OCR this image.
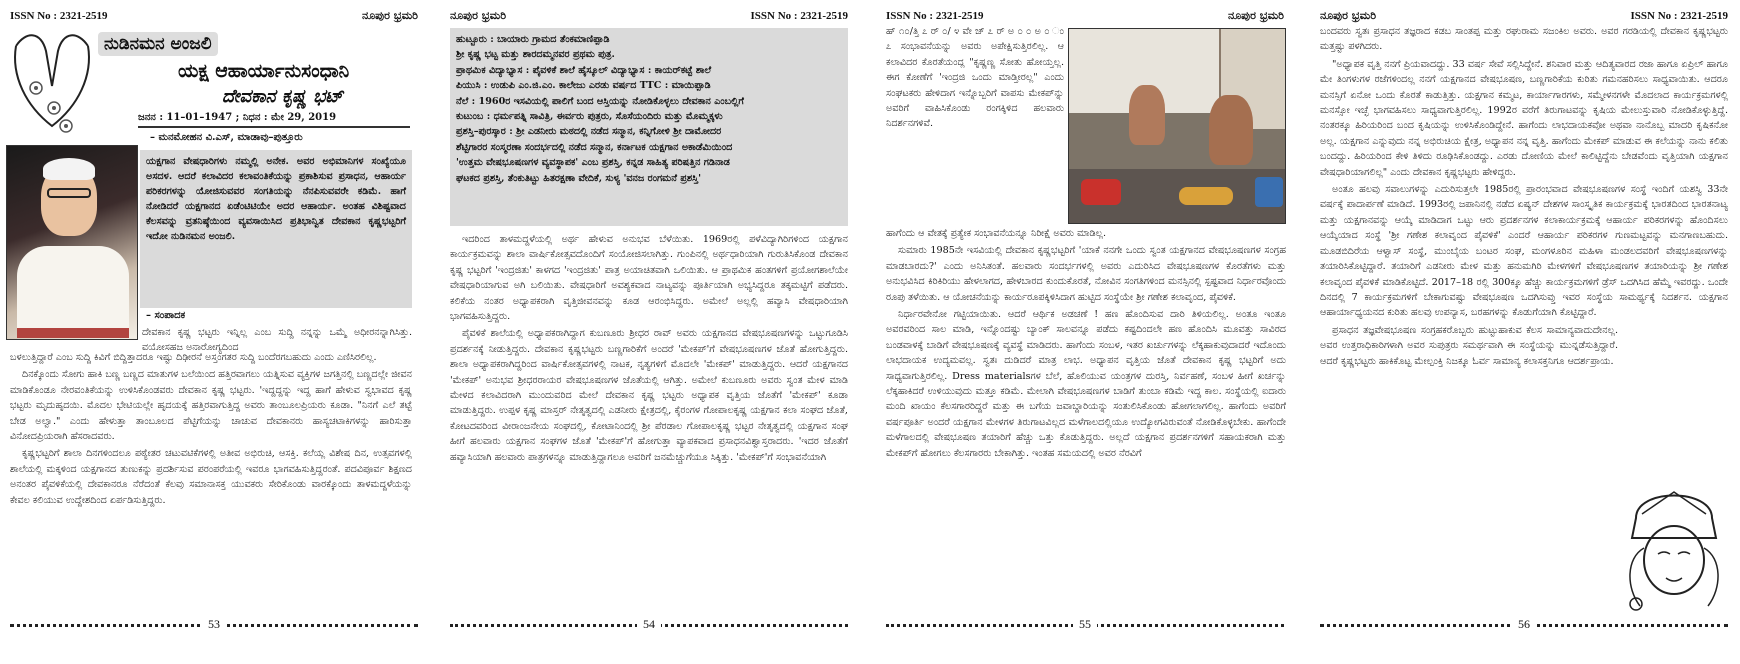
ISSN No : 2321-2519	ನೂಪುರ ಭ್ರಮರಿ
ನುಡಿನಮನ ಅಂಜಲಿ
ಯಕ್ಷ ಆಹಾರ್ಯಾನುಸಂಧಾನಿ
ದೇವಕಾನ ಕೃಷ್ಣ ಭಟ್
ಜನನ : 11–01–1947 ; ನಿಧನ : ಮೇ 29, 2019
– ಮನಮೋಹನ ವಿ.ಎಸ್, ಮಾಡಾವು–ಪುತ್ತೂರು
ಯಕ್ಷಗಾನ ವೇಷಧಾರಿಗಳು ನಮ್ಮಲ್ಲಿ ಅನೇಕ. ಅವರ ಅಭಿಮಾನಿಗಳ ಸಂಖ್ಯೆಯೂ ಅಸದಳ. ಆದರೆ ಕಲಾವಿದರ ಕಲಾವಂತಿಕೆಯನ್ನು ಪ್ರಕಾಶಿಸುವ ಪ್ರಸಾಧನ, ಆಹಾರ್ಯ ಪರಿಕರಗಳನ್ನು ಯೋಜಿಸುವವರ ಸಂಗತಿಯನ್ನು ನೆನಪಿಸುವವರೇ ಕಡಿಮೆ. ಹಾಗೆ ನೋಡಿದರೆ ಯಕ್ಷಗಾನದ ಏಡೆಂಟಿಟಿಯೇ ಅದರ ಆಹಾರ್ಯ. ಅಂತಹ ವಿಶಿಷ್ಟವಾದ ಕೆಲಸವನ್ನು ವ್ರತನಿಷ್ಠೆಯಿಂದ ವ್ಯವಸಾಯಿಸಿದ ಪ್ರತಿಭಾನ್ವಿತ ದೇವಕಾನ ಕೃಷ್ಣಭಟ್ಟರಿಗೆ ಇದೋ ನುಡಿನಮನ ಅಂಜಲಿ.
– ಸಂಪಾದಕ

ದೇವಕಾನ ಕೃಷ್ಣ ಭಟ್ಟರು ಇನ್ನಿಲ್ಲ ಎಂಬ ಸುದ್ದಿ ನನ್ನನ್ನು ಒಮ್ಮೆ ಅಧೀರನನ್ನಾಗಿಸಿತ್ತು. ವಯೋಸಹಜ ಅನಾರೋಗ್ಯದಿಂದ

ಬಳಲುತ್ತಿದ್ದಾರೆ ಎಂಬ ಸುದ್ದಿ ಕಿವಿಗೆ ಬಿದ್ದಿತ್ತಾದರೂ ಇಷ್ಟು ದಿಢೀರನೆ ಅಸ್ತಂಗತರ ಸುದ್ದಿ ಬಂದೆರಗಬಹುದು ಎಂದು ಎಣಿಸಿರಲಿಲ್ಲ.

ದಿನಕ್ಕೊಂದು ಸೋಗು ಹಾಕಿ ಬಣ್ಣ ಬಣ್ಣದ ಮಾತುಗಳ ಬಲೆಯಿಂದ ಹತ್ತಿರವಾಗಲು ಯತ್ನಿಸುವ ವ್ಯಕ್ತಿಗಳ ಜಗತ್ತಿನಲ್ಲಿ ಬಣ್ಣದಲ್ಲೇ ಜೀವನ ಮಾಡಿಕೊಂಡೂ ನೇರವಂತಿಕೆಯನ್ನು ಉಳಿಸಿಕೊಂಡವರು ದೇವಕಾನ ಕೃಷ್ಣ ಭಟ್ಟರು. 'ಇದ್ದದ್ದನ್ನು ಇದ್ದ ಹಾಗೆ ಹೇಳುವ ಸ್ವಭಾವದ ಕೃಷ್ಣ ಭಟ್ಟರು ಮೃದುಹೃದಯಿ. ಮೊದಲ ಭೇಟಿಯಲ್ಲೇ ಹೃದಯಕ್ಕೆ ಹತ್ತಿರವಾಗುತ್ತಿದ್ದ ಅವರು ತಾಂಬೂಲಪ್ರಿಯರು ಕೂಡಾ. "ನಿನಗೆ ಎಲೆ ತಟ್ಟೆ ಬೇಡ ಅಲ್ವಾ." ಎಂದು ಹೇಳುತ್ತಾ ತಾಂಬೂಲದ ಪೆಟ್ಟಿಗೆಯನ್ನು ಚಾಚುವ ದೇವಕಾನರು ಹಾಸ್ಯಚಟಾಕಿಗಳನ್ನು ಹಾರಿಸುತ್ತಾ ವಿನೋದಪ್ರಿಯರಾಗಿ ಹೆಸರಾದವರು.

ಕೃಷ್ಣಭಟ್ಟರಿಗೆ ಶಾಲಾ ದಿನಗಳಿಂದಲೂ ಪಠ್ಯೇತರ ಚಟುವಟಿಕೆಗಳಲ್ಲಿ ಅತೀವ ಅಭಿರುಚಿ, ಆಸಕ್ತಿ. ಕಲೆಯ್ಲ ವಿಶೇಷ ದಿನ, ಉತ್ಸವಗಳಲ್ಲಿ ಶಾಲೆಯಲ್ಲಿ ಮಕ್ಕಳಿಂದ ಯಕ್ಷಗಾನದ ತುಣುಕನ್ನು ಪ್ರದರ್ಶಿಸುವ ಪರಂಪರೆಯಲ್ಲಿ ಇವರೂ ಭಾಗವಹಿಸುತ್ತಿದ್ದರಂತೆ. ಪದವಿಪೂರ್ವ ಶಿಕ್ಷಣದ ಅನಂತರ ಪೈವಳಿಕೆಯಲ್ಲಿ ದೇವಕಾನರೂ ನೆರೆದಂತೆ ಕೆಲವು ಸಮಾನಾಸಕ್ತ ಯುವಕರು ಸೇರಿಕೊಂಡು ವಾರಕ್ಕೊಂದು ತಾಳಮದ್ದಳೆಯನ್ನು ಕೇವಲ ಕಲಿಯುವ ಉದ್ದೇಶದಿಂದ ಏರ್ಪಡಿಸುತ್ತಿದ್ದರು.

53
ನೂಪುರ ಭ್ರಮರಿ	ISSN No : 2321-2519
ಹುಟ್ಟೂರು : ಬಾಯಾರು ಗ್ರಾಮದ ತೆಂಕಮಾಣಿಪ್ಪಾಡಿ
ಶ್ರೀ ಕೃಷ್ಣ ಭಟ್ಟ ಮತ್ತು ಶಾರದಮ್ಮನವರ ಪ್ರಥಮ ಪುತ್ರ.
ಪ್ರಾಥಮಿಕ ವಿದ್ಯಾಭ್ಯಾಸ : ಪೈವಳಿಕೆ ಶಾಲೆ ಹೈಸ್ಕೂಲ್ ವಿದ್ಯಾಭ್ಯಾಸ : ಕಾಯರ್‌ಕಟ್ಟೆ ಶಾಲೆ
ಪಿಯುಸಿ : ಉಡುಪಿ ಎಂ.ಜಿ.ಎಂ. ಕಾಲೇಜು ಎರಡು ವರ್ಷದ TTC : ಮಾಯಿಪ್ಪಾಡಿ
ನೆಲೆ : 1960ರ ಇಸವಿಯಲ್ಲಿ ಪಾಲಿಗೆ ಬಂದ ಆಸ್ತಿಯನ್ನು ನೋಡಿಕೊಳ್ಳಲು ದೇವಕಾನ ಎಂಬಲ್ಲಿಗೆ
ಕುಟುಂಬ : ಧರ್ಮಪತ್ನಿ ಸಾವಿತ್ರಿ, ಈರ್ವರು ಪುತ್ರರು, ಸೊಸೆಯಂದಿರು ಮತ್ತು ಮೊಮ್ಮಕ್ಕಳು
ಪ್ರಶಸ್ತಿ–ಪುರಸ್ಕಾರ : ಶ್ರೀ ಎಡನೀರು ಮಠದಲ್ಲಿ ನಡೆದ ಸನ್ಮಾನ, ಕನ್ನಿಗೋಳಿ ಶ್ರೀ ದಾಮೋದರ
ಶೆಟ್ಟಿಗಾರರ ಸಂಸ್ಮರಣಾ ಸಂದರ್ಭದಲ್ಲಿ ನಡೆದ ಸನ್ಮಾನ, ಕರ್ನಾಟಕ ಯಕ್ಷಗಾನ ಅಕಾಡೆಮಿಯಿಂದ
'ಉತ್ತಮ ವೇಷಭೂಷಣಗಳ ವ್ಯವಸ್ಥಾಪಕ' ಎಂಬ ಪ್ರಶಸ್ತಿ, ಕನ್ನಡ ಸಾಹಿತ್ಯ ಪರಿಷತ್ತಿನ ಗಡಿನಾಡ
ಘಟಕದ ಪ್ರಶಸ್ತಿ, ತೆಂಕುತಿಟ್ಟು ಹಿತರಕ್ಷಣಾ ವೇದಿಕೆ, ಸುಳ್ಯ 'ವನಜ ರಂಗಮನೆ ಪ್ರಶಸ್ತಿ'

ಇದರಿಂದ ತಾಳಮದ್ದಳೆಯಲ್ಲಿ ಅರ್ಥ ಹೇಳುವ ಅನುಭವ ಬೆಳೆಯಿತು. 1969ರಲ್ಲಿ ಪಳೆವಿದ್ಯಾಗಿರಿಗಳಿಂದ ಯಕ್ಷಗಾನ ಕಾರ್ಯಕ್ರಮವನ್ನು ಶಾಲಾ ವಾರ್ಷಿಕೋತ್ಸವದೊಂದಿಗೆ ಸಂಯೋಜಿಸಲಾಗಿತ್ತು. ಗುಂಪಿನಲ್ಲಿ ಅರ್ಥಧಾರಿಯಾಗಿ ಗುರುತಿಸಿಕೊಂಡ ದೇವಕಾನ ಕೃಷ್ಣ ಭಟ್ಟರಿಗೆ 'ಇಂದ್ರಜಿತು' ಕಾಳಗದ 'ಇಂದ್ರಜಿತು' ಪಾತ್ರ ಅಯಾಚಿತವಾಗಿ ಒಲಿಯಿತು. ಆ ಪ್ರಾಥಮಿಕ ಹಂತಗಳಿಗೆ ಪ್ರಯೋಗಶಾಲೆಯೇ ವೇಷಧಾರಿಯಾಗುವ ಅಗಿ ಬಲಿಯಿತು. ವೇಷಧಾರಿಗೆ ಅವಶ್ಯಕವಾದ ನಾಟ್ಯವನ್ನು ಪೂರ್ತಿಯಾಗಿ ಅಭ್ಯಸಿದ್ದರೂ ತಕ್ಕಮಟ್ಟಿಗೆ ಪಡೆದರು. ಕಲಿಕೆಯ ನಂತರ ಅಧ್ಯಾಪಕರಾಗಿ ವೃತ್ತಿಜೀವನವನ್ನು ಕೂಡ ಆರಂಭಿಸಿದ್ದರು. ಅಮೇಲೆ ಅಲ್ಲಲ್ಲಿ ಹವ್ಯಾಸಿ ವೇಷಧಾರಿಯಾಗಿ ಭಾಗವಹಿಸುತ್ತಿದ್ದರು.

ಪೈವಳಿಕೆ ಶಾಲೆಯಲ್ಲಿ ಅಧ್ಯಾಪಕರಾಗಿದ್ದಾಗ ಕುಬಣೂರು ಶ್ರೀಧರ ರಾವ್ ಅವರು ಯಕ್ಷಗಾನದ ವೇಷಭೂಷಣಗಳನ್ನು ಒಟ್ಟುಗೂಡಿಸಿ ಪ್ರದರ್ಶನಕ್ಕೆ ನೀಡುತ್ತಿದ್ದರು. ದೇವಕಾನ ಕೃಷ್ಣಭಟ್ಟರು ಬಣ್ಣಗಾರಿಕೆಗೆ ಅಂದರೆ 'ಮೇಕಪ್'ಗೆ ವೇಷಭೂಷಣಗಳ ಜೊತೆ ಹೋಗುತ್ತಿದ್ದರು. ಶಾಲಾ ಅಧ್ಯಾಪಕರಾಗಿದ್ದರಿಂದ ವಾರ್ಷಿಕೋತ್ಸವಗಳಲ್ಲಿ ನಾಟಕ, ನೃತ್ಯಗಳಿಗೆ ಮೊದಲೇ 'ಮೇಕಪ್' ಮಾಡುತ್ತಿದ್ದರು. ಆದರೆ ಯಕ್ಷಗಾನದ 'ಮೇಕಪ್' ಅನುಭವ ಶ್ರೀಧರರಾಯರ ವೇಷಭೂಷಣಗಳ ಜೊತೆಯಲ್ಲಿ ಆಗಿತ್ತು. ಅಮೇಲೆ ಕುಬಣೂರು ಅವರು ಸ್ವಂತ ಮೇಳ ಮಾಡಿ ಮೇಳದ ಕಲಾವಿದರಾಗಿ ಮುಂದುವರಿದ ಮೇಲೆ ದೇವಕಾನ ಕೃಷ್ಣ ಭಟ್ಟರು ಅಧ್ಯಾಪಕ ವೃತ್ತಿಯ ಜೊತೆಗೆ 'ಮೇಕಪ್' ಕೂಡಾ ಮಾಡುತ್ತಿದ್ದರು. ಉಪ್ಪಳ ಕೃಷ್ಣ ಮಾಸ್ತರ್ ನೇತೃತ್ವದಲ್ಲಿ ಎಡನೀರು ಕ್ಷೇತ್ರದಲ್ಲಿ, ಕೈರಂಗಳ ಗೋಪಾಲಕೃಷ್ಣ ಯಕ್ಷಗಾನ ಕಲಾ ಸಂಘದ ಜೊತೆ, ಕೋಟದವರಿಂದ ವೀರಾಂಜನೇಯ ಸಂಘದಲ್ಲಿ, ಕೋಟಾನಿಂದಲ್ಲಿ ಶ್ರೀ ಪೆರಡಾಲ ಗೋಪಾಲಕೃಷ್ಣ ಭಟ್ಟರ ನೇತೃತ್ವದಲ್ಲಿ ಯಕ್ಷಗಾನ ಸಂಘ ಹೀಗೆ ಹಲವಾರು ಯಕ್ಷಗಾನ ಸಂಘಗಳ ಜೊತೆ 'ಮೇಕಪ್'ಗೆ ಹೋಗುತ್ತಾ ವ್ಯಾಪಕವಾದ ಪ್ರಸಾಧನವಿಶ್ವಾಸ್ತರಾದರು. 'ಇದರ ಜೊತೆಗೆ ಹವ್ಯಾಸಿಯಾಗಿ ಹಲವಾರು ಪಾತ್ರಗಳನ್ನೂ ಮಾಡುತ್ತಿದ್ದಾಗಲೂ ಅವರಿಗೆ ಜನಮೆಚ್ಚುಗೆಯೂ ಸಿಕ್ಕಿತ್ತು. 'ಮೇಕಪ್'ಗೆ ಸಂಭಾವನೆಯಾಗಿ

54
ISSN No : 2321-2519	ನೂಪುರ ಭ್ರಮರಿ

ಹ್ ೧೦/ತ್ತಿ ೭ ರ್ ೦/ ೪ ವೇ ಜ್ ೭ ರ್ ಅ ೦ ೦ ಅ ೦ ಂ ೭ ಸಂಭಾವನೆಯನ್ನು ಅವರು ಅಪೇಕ್ಷಿಸುತ್ತಿರಲಿಲ್ಲ. ಆ ಕಲಾವಿದರ ಕೊರತೆಯಂದ್ಲ "ಕೃಷ್ಣಣ್ಣ ಸೋತು ಹೋಯ್ತಲ್ಲ. ಈಗ ಕೋಣೆಗೆ 'ಇಂದ್ರಜಿ ಒಂದು ಮಾಡ್ತೀರಲ್ಲ" ಎಂದು ಸಂಘಟಕರು ಹೇಳಿದಾಗ ಇನ್ನೊಬ್ಬರಿಗೆ ವಾಪಸು ಮೇಕಪ್‌ನ್ನು ಅವರಿಗೆ ವಾಹಿಸಿಕೊಂಡು ರಂಗಕ್ಕಿಳಿದ ಹಲವಾರು ನಿದರ್ಶನಗಳಿವೆ.

ಹಾಗೆಂದು ಆ ವೇತಕ್ಕೆ ಪ್ರತ್ಯೇಕ ಸಂಭಾವನೆಯನ್ನೂ ನಿರೀಕ್ಷೆ ಅವರು ಮಾಡಿಲ್ಲ.

ಸುಮಾರು 1985ನೇ ಇಸವಿಯಲ್ಲಿ ದೇವಕಾನ ಕೃಷ್ಣಭಟ್ಟರಿಗೆ 'ಯಾಕೆ ನನಗೇ ಒಂದು ಸ್ವಂತ ಯಕ್ಷಗಾನದ ವೇಷಭೂಷಣಗಳ ಸಂಗ್ರಹ ಮಾಡಬಾರದು?' ಎಂದು ಅನಿಸಿತಂತೆ. ಹಲವಾರು ಸಂದರ್ಭಗಳಲ್ಲಿ ಅವರು ಎದುರಿಸಿದ ವೇಷಭೂಷಣಗಳ ಕೊರತೆಗಳು ಮತ್ತು ಅನುಭವಿಸಿದ ಕಿರಿಕಿರಿಯು ಹೇಳಲಾಗದ, ಹೇಳಬಾರದ ಕುಂದುಕೊರತೆ, ನೋವಿನ ಸಂಗತಿಗಳಿಂದ ಮನಸ್ಸಿನಲ್ಲಿ ಸ್ಪಷ್ಟವಾದ ನಿರ್ಧಾರವೊಂದು ರೂಪು ತಳೆಯಿತು. ಆ ಯೋಚನೆಯನ್ನು ಕಾರ್ಯರೂಪಕ್ಕಿಳಿಸಿದಾಗ ಹುಟ್ಟಿದ ಸಂಸ್ಥೆಯೇ ಶ್ರೀ ಗಣೇಶ ಕಲಾವೃಂದ, ಪೈವಳಿಕೆ.

ನಿರ್ಧಾರವೇನೋ ಗಟ್ಟಿಯಾಯಿತು. ಆದರೆ ಆರ್ಥಿಕ ಅಡಚಣೆ ! ಹಣ ಹೊಂದಿಸುವ ದಾರಿ ತಿಳಿಯಲಿಲ್ಲ. ಅಂತೂ ಇಂತೂ ಅವರವರಿಂದ ಸಾಲ ಮಾಡಿ, ಇನ್ನೊಂದಷ್ಟು ಬ್ಯಾಂಕ್ ಸಾಲವನ್ನೂ ಪಡೆದು ಕಷ್ಟದಿಂದಲೇ ಹಣ ಹೊಂದಿಸಿ ಮೂವತ್ತು ಸಾವಿರದ ಬಂಡವಾಳಕ್ಕೆ ಬಾಡಿಗೆ ವೇಷಭೂಷಣಕ್ಕೆ ವ್ಯವಸ್ಥೆ ಮಾಡಿದರು. ಹಾಗೆಂದು ಸಂಬಳ, ಇತರ ಖರ್ಚುಗಳನ್ನು ಲೆಕ್ಕಹಾಕುವುದಾದರೆ ಇದೊಂದು ಲಾಭದಾಯಕ ಉದ್ಯಮವಲ್ಲ. ಸ್ವತಃ ದುಡಿದರೆ ಮಾತ್ರ ಲಾಭ. ಅಧ್ಯಾಪನ ವೃತ್ತಿಯ ಜೊತೆ ದೇವಕಾನ ಕೃಷ್ಣ ಭಟ್ಟರಿಗೆ ಅದು ಸಾಧ್ಯವಾಗುತ್ತಿರಲಿಲ್ಲ. Dress materialsಗಳ ಬೆಲೆ, ಹೊಲಿಯುವ ಯಂತ್ರಗಳ ದುರಸ್ತಿ, ನಿರ್ವಹಣೆ, ಸಂಬಳ ಹೀಗೆ ಖರ್ಚನ್ನು ಲೆಕ್ಕಹಾಕಿದರೆ ಉಳಿಯುವುದು ಮತ್ತೂ ಕಡಿಮೆ. ಮೇಲಾಗಿ ವೇಷಭೂಷಣಗಳ ಬಾಡಿಗೆ ತುಂಬಾ ಕಡಿಮೆ ಇದ್ದ ಕಾಲ. ಸಂಸ್ಥೆಯಲ್ಲಿ ಐದಾರು ಮಂದಿ ಖಾಯಂ ಕೆಲಸಗಾರರಿದ್ದರೆ ಮತ್ತು ಈ ಬಗೆಯ ಜವಾಬ್ದಾರಿಯನ್ನು ಸಂತುಲಿಸಿಕೊಂಡು ಹೋಗಲಾಗಲಿಲ್ಲ. ಹಾಗೆಂದು ಅವರಿಗೆ ವರ್ಷಪೂರ್ತಿ ಅಂದರೆ ಯಕ್ಷಗಾನ ಮೇಳಗಳ ತಿರುಗಾಟವಿಲ್ಲದ ಮಳೆಗಾಲದಲ್ಲಿಯೂ ಉದ್ಯೋಗವಿರುವಂತೆ ನೋಡಿಕೊಳ್ಳಬೇಕು. ಹಾಗೆಂದೇ ಮಳೆಗಾಲದಲ್ಲಿ ವೇಷಭೂಷಣ ತಯಾರಿಗೆ ಹೆಚ್ಚು ಒತ್ತು ಕೊಡುತ್ತಿದ್ದರು. ಅಲ್ಲದೆ ಯಕ್ಷಗಾನ ಪ್ರದರ್ಶನಗಳಿಗೆ ಸಹಾಯಕರಾಗಿ ಮತ್ತು ಮೇಕಪ್‌ಗೆ ಹೋಗಲು ಕೆಲಸಗಾರರು ಬೇಕಾಗಿತ್ತು. ಇಂತಹ ಸಮಯದಲ್ಲಿ ಅವರ ನೆರವಿಗೆ

55
ನೂಪುರ ಭ್ರಮರಿ	ISSN No : 2321-2519

ಬಂದವರು ಸ್ವತಃ ಪ್ರಸಾಧನ ತಜ್ಞರಾದ ಕಡಬ ಸಾಂತಪ್ಪ ಮತ್ತು ರಘುರಾಮ ಸಜಂಕಿಲ ಅವರು. ಅವರ ಗರಡಿಯಲ್ಲಿ ದೇವಕಾನ ಕೃಷ್ಣಭಟ್ಟರು ಮತ್ತಷ್ಟು ಪಳಗಿದರು.

"ಅಧ್ಯಾಪಕ ವೃತ್ತಿ ನನಗೆ ಪ್ರಿಯವಾದದ್ದು. 33 ವರ್ಷ ಸೇವೆ ಸಲ್ಲಿಸಿದ್ದೇನೆ. ಶನಿವಾರ ಮತ್ತು ಆದಿತ್ಯವಾರದ ರಜಾ ಹಾಗೂ ಏಪ್ರಿಲ್ ಹಾಗೂ ಮೇ ತಿಂಗಳುಗಳ ರಜೆಗಳಿಂದಲ್ಲ ನನಗೆ ಯಕ್ಷಗಾನದ ವೇಷಭೂಷಣ, ಬಣ್ಣಗಾರಿಕೆಯ ಕುರಿತು ಗಮನಹರಿಸಲು ಸಾಧ್ಯವಾಯಿತು. ಆದರೂ ಮನಸ್ಸಿಗೆ ಏನೋ ಒಂದು ಕೊರತೆ ಕಾಡುತ್ತಿತ್ತು. ಯಕ್ಷಗಾನ ಕಮ್ಮಟ, ಕಾರ್ಯಾಗಾರಗಳು, ಸಮ್ಮೇಳನಗಳೇ ಮೊದಲಾದ ಕಾರ್ಯಕ್ರಮಗಳಲ್ಲಿ ಮನಸ್ಸೋ ಇಚ್ಛೆ ಭಾಗವಹಿಸಲು ಸಾಧ್ಯವಾಗುತ್ತಿರಲಿಲ್ಲ. 1992ರ ವರೆಗೆ ತಿರುಗಾಟವನ್ನು ಕೃಷಿಯ ಮೇಲುಸ್ತುವಾರಿ ನೋಡಿಕೊಳ್ಳುತ್ತಿದ್ದೆ. ನಂತರಕ್ಕೂ ಹಿರಿಯರಿಂದ ಬಂದ ಕೃಷಿಯನ್ನು ಉಳಿಸಿಕೊಂಡಿದ್ದೇನೆ. ಹಾಗೆಂದು ಲಾಭದಾಯಕವೋ ಅಥವಾ ನಾನೊಬ್ಬ ಮಾದರಿ ಕೃಷಿಕನೋ ಅಲ್ಲ. ಯಕ್ಷಗಾನ ಎನ್ನುವುದು ನನ್ನ ಅಭಿರುಚಿಯ ಕ್ಷೇತ್ರ, ಅಧ್ಯಾಪನ ನನ್ನ ವೃತ್ತಿ. ಹಾಗೆಂದು ಮೇಕಪ್ ಮಾಡುವ ಈ ಕಲೆಯನ್ನು ನಾನು ಕಲಿತು ಬಂದದ್ದು. ಹಿರಿಯರಿಂದ ಕೇಳಿ ತಿಳಿದು ರೂಢಿಸಿಕೊಂಡದ್ದು. ಎರಡು ದೋಣಿಯ ಮೇಲೆ ಕಾಲಿಟ್ಟಿದ್ದೆನು ಬೇಡವೆಂದು ವೃತ್ತಿಯಾಗಿ ಯಕ್ಷಗಾನ ವೇಷಧಾರಿಯಾಗಲಿಲ್ಲ" ಎಂದು ದೇವಕಾನ ಕೃಷ್ಣಭಟ್ಟರು ಹೇಳಿದ್ದರು.

ಅಂತೂ ಹಲವು ಸವಾಲುಗಳನ್ನು ಎದುರಿಸುತ್ತಲೇ 1985ರಲ್ಲಿ ಪ್ರಾರಂಭವಾದ ವೇಷಭೂಷಣಗಳ ಸಂಸ್ಥೆ ಇಂದಿಗೆ ಯಶಸ್ವಿ 33ನೇ ವರ್ಷಕ್ಕೆ ಪಾದಾರ್ಪಣೆ ಮಾಡಿದೆ. 1993ರಲ್ಲಿ ಜಪಾನಿನಲ್ಲಿ ನಡೆದ ಏಷ್ಯನ್ ದೇಶಗಳ ಸಾಂಸ್ಕೃತಿಕ ಕಾರ್ಯಕ್ರಮಕ್ಕೆ ಭಾರತದಿಂದ ಭಾರತನಾಟ್ಯ ಮತ್ತು ಯಕ್ಷಗಾನವನ್ನು ಆಯ್ಕೆ ಮಾಡಿದಾಗ ಒಟ್ಟು ಆರು ಪ್ರದರ್ಶನಗಳ ಕಲಾಕಾರ್ಯಕ್ರಮಕ್ಕೆ ಆಹಾರ್ಯ ಪರಿಕರಗಳನ್ನು ಹೊಂದಿಸಲು ಆಯ್ಕೆಯಾದ ಸಂಸ್ಥೆ 'ಶ್ರೀ ಗಣೇಶ ಕಲಾವೃಂದ ಪೈವಳಿಕೆ' ಎಂದರೆ ಆಹಾರ್ಯ ಪರಿಕರಗಳ ಗುಣಮಟ್ಟವನ್ನು ಮನಗಾಣಬಹುದು. ಮೂಡಬಿದಿರೆಯ ಆಳ್ವಾಸ್ ಸಂಸ್ಥೆ, ಮುಂಬೈಯ ಬಂಟರ ಸಂಘ, ಮಂಗಳೂರಿನ ಮಹಿಳಾ ಮಂಡಲದವರಿಗೆ ವೇಷಭೂಷಣಗಳನ್ನು ತಯಾರಿಸಿಕೊಟ್ಟಿದ್ದಾರೆ. ತಯಾರಿಗೆ ಎಡನೀರು ಮೇಳ ಮತ್ತು ಹನುಮಗಿರಿ ಮೇಳಗಳಿಗೆ ವೇಷಭೂಷಣಗಳ ತಯಾರಿಯನ್ನು ಶ್ರೀ ಗಣೇಶ ಕಲಾವೃಂದ ಪೈವಳಿಕೆ ಮಾಡಿಕೊಟ್ಟಿದೆ. 2017–18 ರಲ್ಲಿ 300ಕ್ಕೂ ಹೆಚ್ಚು ಕಾರ್ಯಕ್ರಮಗಳಿಗೆ ಡ್ರೆಸ್ ಒದಗಿಸಿದ ಹೆಮ್ಮೆ ಇವರದ್ದು. ಒಂದೇ ದಿನದಲ್ಲಿ 7 ಕಾರ್ಯಕ್ರಮಗಳಿಗೆ ಬೇಕಾಗುವಷ್ಟು ವೇಷಭೂಷಣ ಒದಗಿಸುವ್ತು ಇವರ ಸಂಸ್ಥೆಯ ಸಾಮರ್ಥ್ಯಕ್ಕೆ ನಿದರ್ಶನ. ಯಕ್ಷಗಾನ ಆಹಾರ್ಯಾಧ್ಯಯನದ ಕುರಿತು ಹಲವು ಉಪನ್ಯಾಸ, ಬರಹಗಳನ್ನು ಕೊಡುಗೆಯಾಗಿ ಕೊಟ್ಟಿದ್ದಾರೆ.

ಪ್ರಸಾಧನ ತಜ್ಞವೇಷಭೂಷಣ ಸಂಗ್ರಹಕರೊಬ್ಬರು ಹುಟ್ಟುಹಾಕುವ ಕೆಲಸ ಸಾಮಾನ್ಯವಾದುದೇನಲ್ಲ. ಅವರ ಉತ್ತರಾಧಿಕಾರಿಗಳಾಗಿ ಅವರ ಸುಪುತ್ರರು ಸಮರ್ಥವಾಗಿ ಈ ಸಂಸ್ಥೆಯನ್ನು ಮುನ್ನಡೆಸುತ್ತಿದ್ದಾರೆ. ಆದರೆ ಕೃಷ್ಣಭಟ್ಟರು ಹಾಕಿಕೊಟ್ಟ ಮೇಲ್ಪಂಕ್ತಿ ನಿಜಕ್ಕೂ ಓರ್ವ ಸಾಮಾನ್ಯ ಕಲಾಸಕ್ತನಿಗೂ ಆದರ್ಶಪ್ರಾಯ.

56
